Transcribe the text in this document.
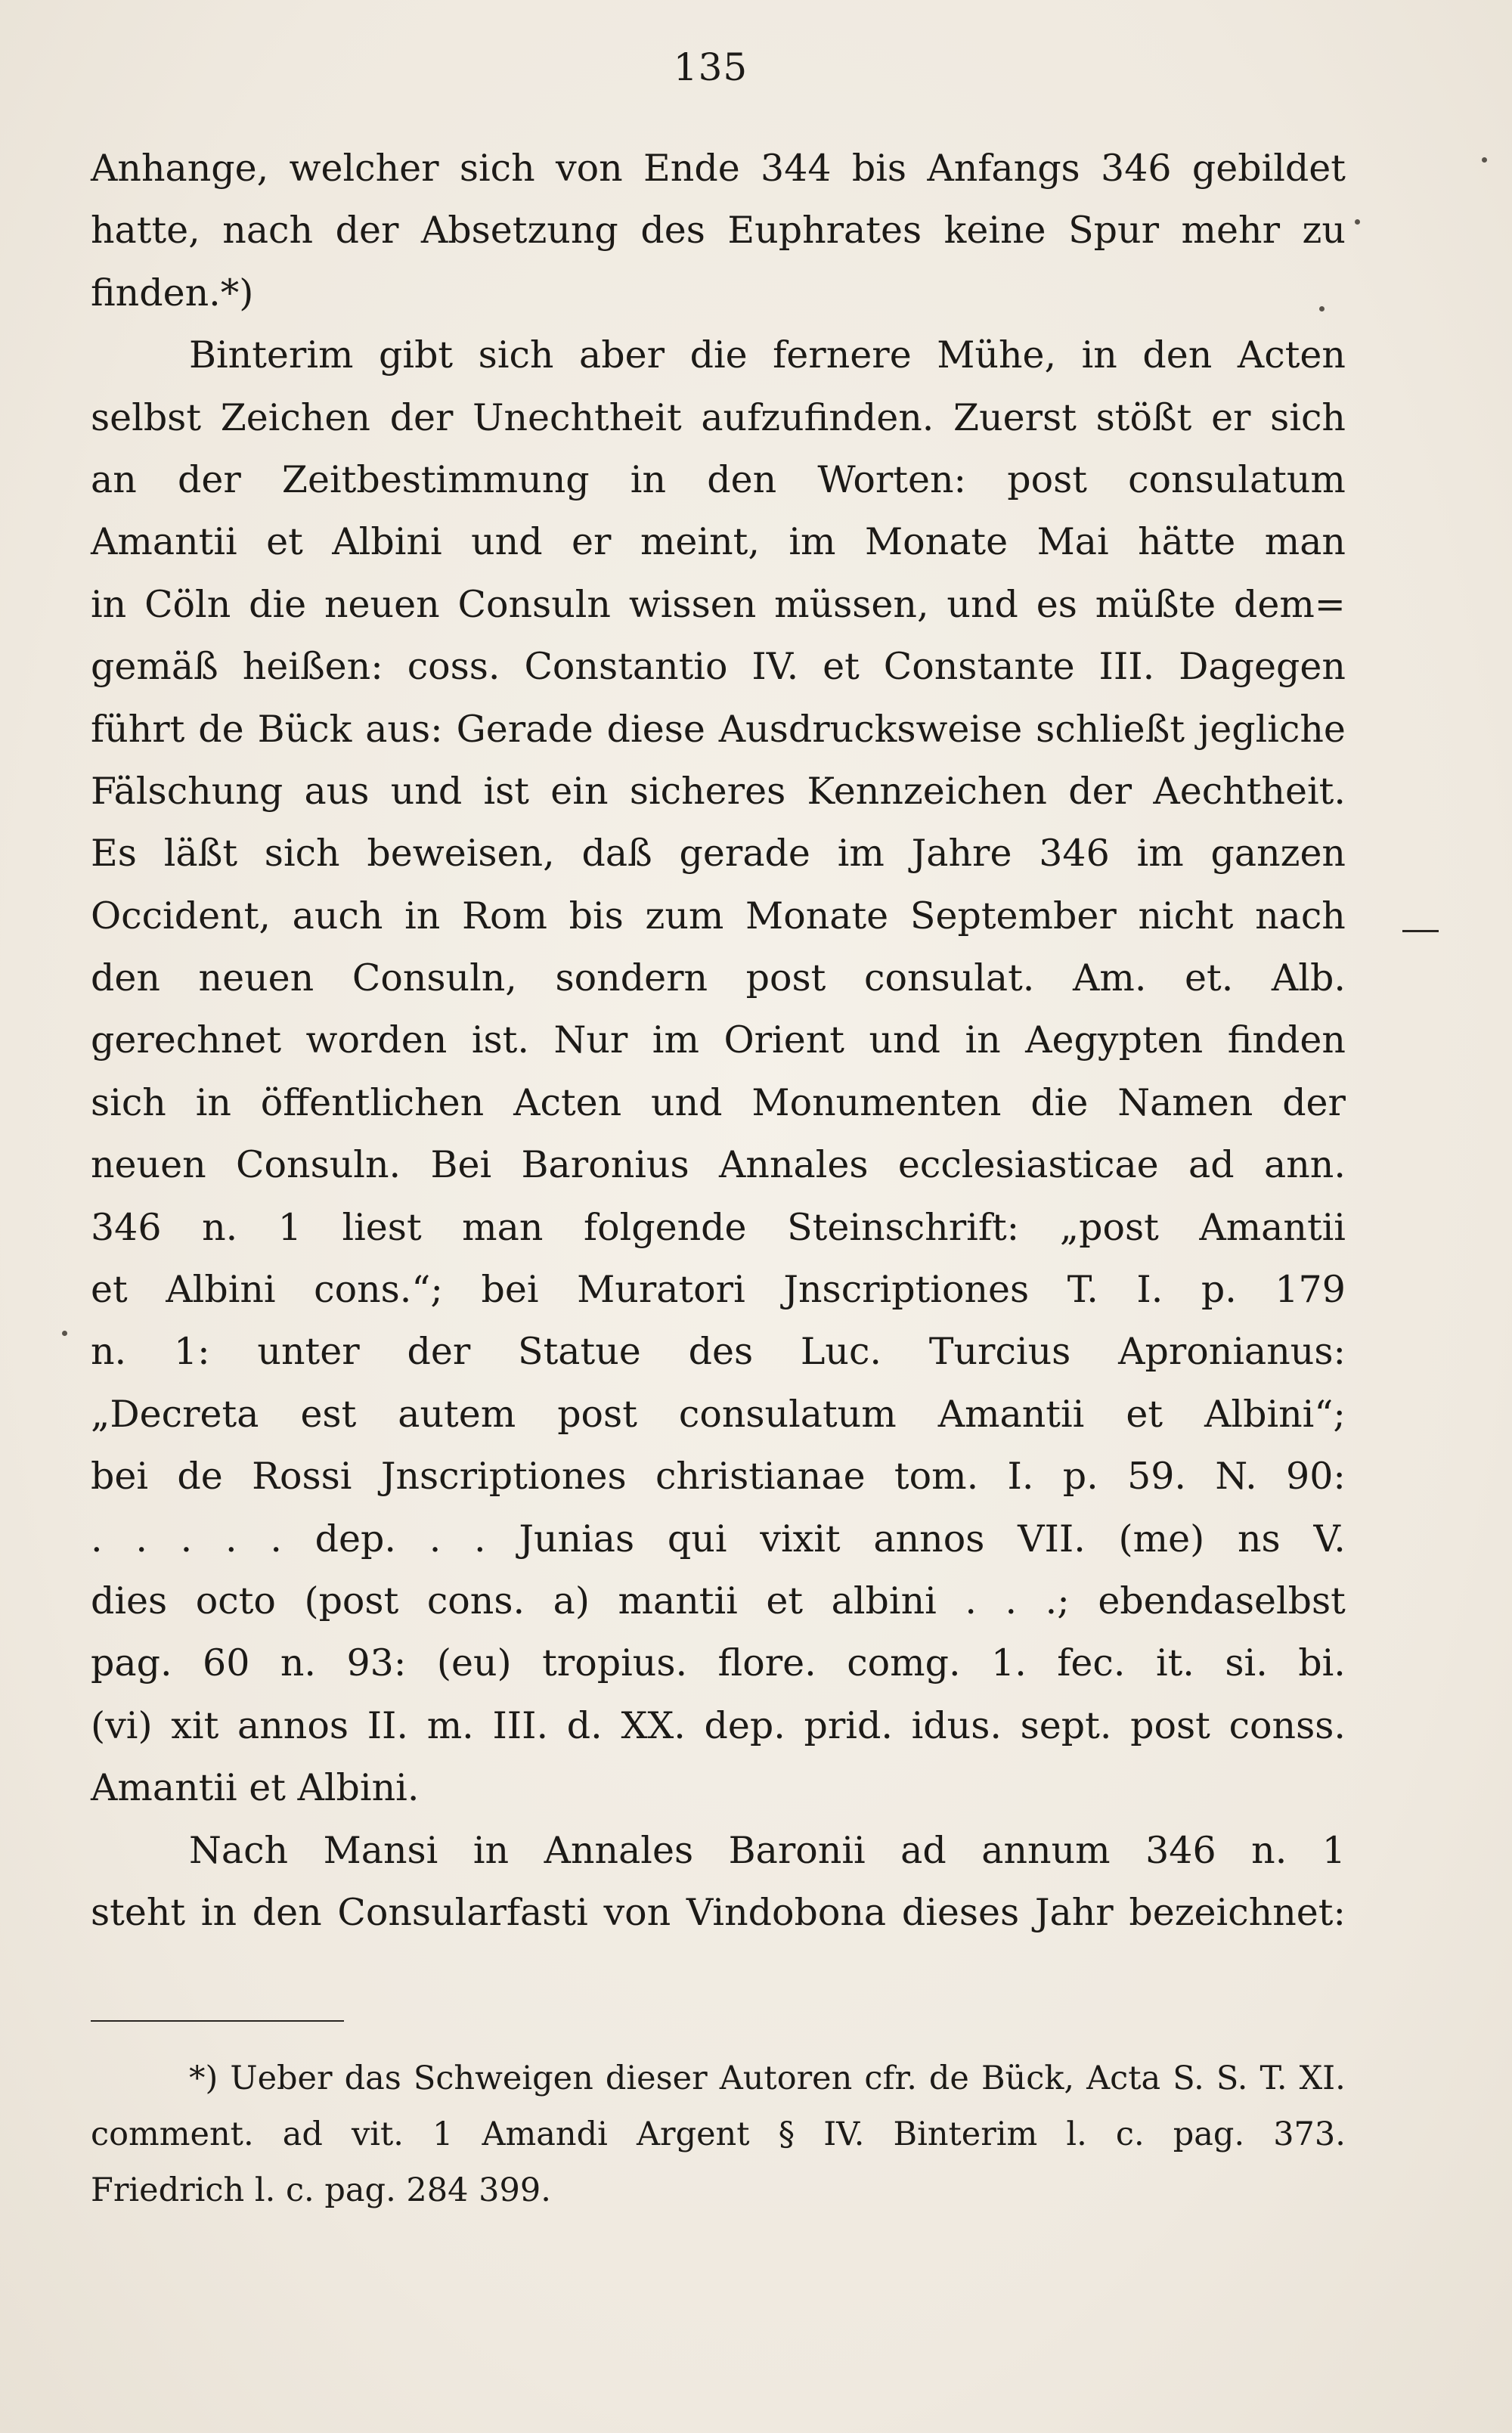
135
Anhange, welcher sich von Ende 344 bis Anfangs 346 gebildet
hatte, nach der Absetzung des Euphrates keine Spur mehr zu
finden.*)
Binterim gibt sich aber die fernere Mühe, in den Acten
selbst Zeichen der Unechtheit aufzufinden. Zuerst stößt er sich
an der Zeitbestimmung in den Worten: post consulatum
Amantii et Albini und er meint, im Monate Mai hätte man
in Cöln die neuen Consuln wissen müssen, und es müßte dem=
gemäß heißen: coss. Constantio IV. et Constante III. Dagegen
führt de Bück aus: Gerade diese Ausdrucksweise schließt jegliche
Fälschung aus und ist ein sicheres Kennzeichen der Aechtheit.
Es läßt sich beweisen, daß gerade im Jahre 346 im ganzen
Occident, auch in Rom bis zum Monate September nicht nach
den neuen Consuln, sondern post consulat. Am. et. Alb.
gerechnet worden ist. Nur im Orient und in Aegypten finden
sich in öffentlichen Acten und Monumenten die Namen der
neuen Consuln. Bei Baronius Annales ecclesiasticae ad ann.
346 n. 1 liest man folgende Steinschrift: „post Amantii
et Albini cons.“; bei Muratori Jnscriptiones T. I. p. 179
n. 1: unter der Statue des Luc. Turcius Apronianus:
„Decreta est autem post consulatum Amantii et Albini“;
bei de Rossi Jnscriptiones christianae tom. I. p. 59. N. 90:
. . . . . dep. . . Junias qui vixit annos VII. (me) ns V.
dies octo (post cons. a) mantii et albini . . .; ebendaselbst
pag. 60 n. 93: (eu) tropius. flore. comg. 1. fec. it. si. bi.
(vi) xit annos II. m. III. d. XX. dep. prid. idus. sept. post conss.
Amantii et Albini.
Nach Mansi in Annales Baronii ad annum 346 n. 1
steht in den Consularfasti von Vindobona dieses Jahr bezeichnet:
*) Ueber das Schweigen dieser Autoren cfr. de Bück, Acta S. S. T. XI.
comment. ad vit. 1 Amandi Argent § IV. Binterim l. c. pag. 373.
Friedrich l. c. pag. 284 399.
